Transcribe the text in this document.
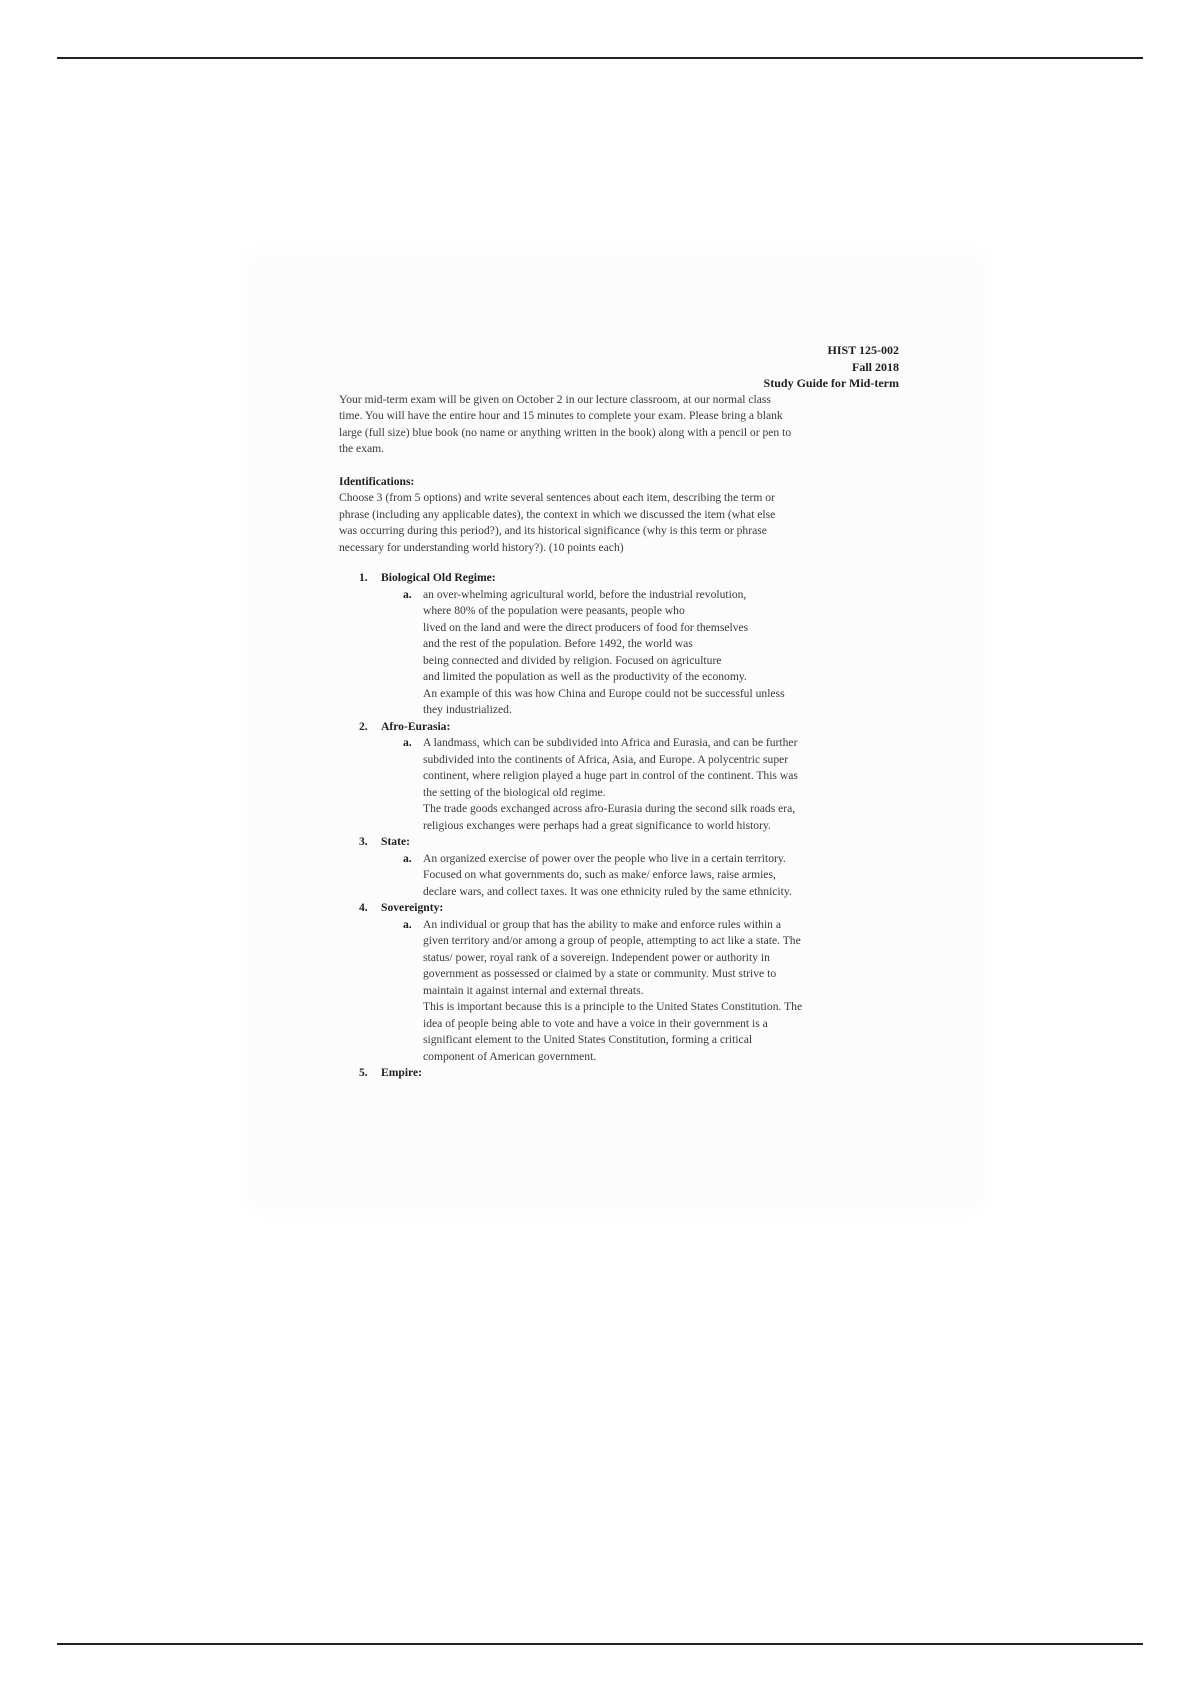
HIST 125-002
Fall 2018
Study Guide for Mid-term

Your mid-term exam will be given on October 2 in our lecture classroom, at our normal class
time. You will have the entire hour and 15 minutes to complete your exam. Please bring a blank
large (full size) blue book (no name or anything written in the book) along with a pencil or pen to
the exam.

Identifications:

Choose 3 (from 5 options) and write several sentences about each item, describing the term or
phrase (including any applicable dates), the context in which we discussed the item (what else
was occurring during this period?), and its historical significance (why is this term or phrase
necessary for understanding world history?). (10 points each)

1. Biological Old Regime:
a. an over-whelming agricultural world, before the industrial revolution,
where 80% of the population were peasants, people who
lived on the land and were the direct producers of food for themselves
and the rest of the population. Before 1492, the world was
being connected and divided by religion. Focused on agriculture
and limited the population as well as the productivity of the economy.
An example of this was how China and Europe could not be successful unless
they industrialized.
2. Afro-Eurasia:
a. A landmass, which can be subdivided into Africa and Eurasia, and can be further
subdivided into the continents of Africa, Asia, and Europe. A polycentric super
continent, where religion played a huge part in control of the continent. This was
the setting of the biological old regime.
The trade goods exchanged across afro-Eurasia during the second silk roads era,
religious exchanges were perhaps had a great significance to world history.
3. State:
a. An organized exercise of power over the people who live in a certain territory.
Focused on what governments do, such as make/ enforce laws, raise armies,
declare wars, and collect taxes. It was one ethnicity ruled by the same ethnicity.
4. Sovereignty:
a. An individual or group that has the ability to make and enforce rules within a
given territory and/or among a group of people, attempting to act like a state. The
status/ power, royal rank of a sovereign. Independent power or authority in
government as possessed or claimed by a state or community. Must strive to
maintain it against internal and external threats.
This is important because this is a principle to the United States Constitution. The
idea of people being able to vote and have a voice in their government is a
significant element to the United States Constitution, forming a critical
component of American government.
5. Empire:
